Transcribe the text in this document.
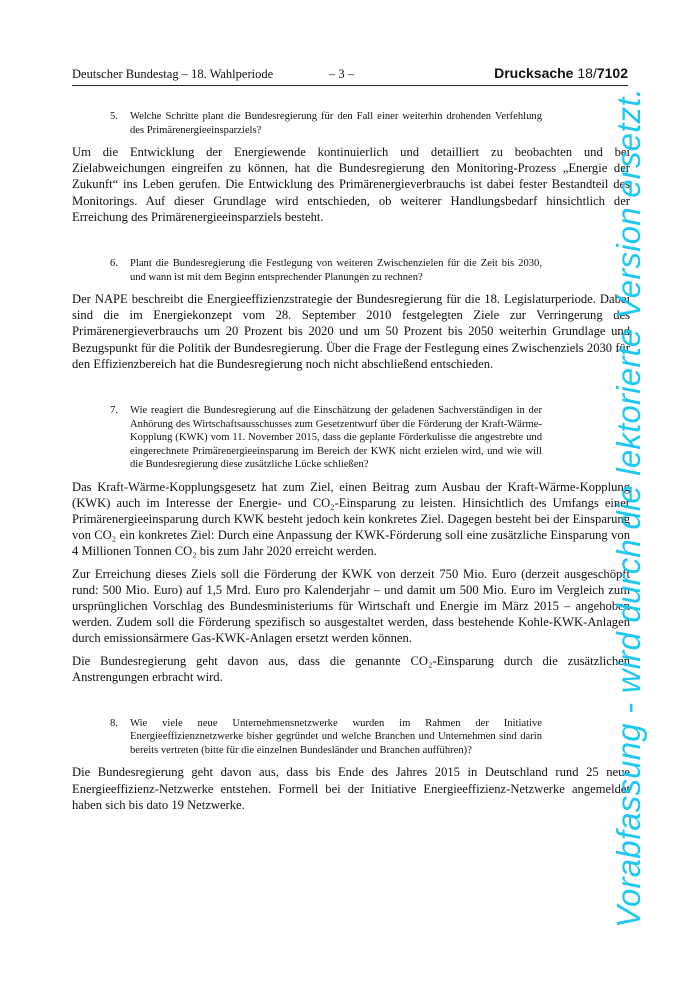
Deutscher Bundestag – 18. Wahlperiode	– 3 –	Drucksache 18/7102
5. Welche Schritte plant die Bundesregierung für den Fall einer weiterhin drohenden Verfehlung des Primärenergieeinsparziels?

Um die Entwicklung der Energiewende kontinuierlich und detailliert zu beobachten und bei Zielabweichungen eingreifen zu können, hat die Bundesregierung den Monitoring-Prozess „Energie der Zukunft“ ins Leben gerufen. Die Entwicklung des Primärenergieverbrauchs ist dabei fester Bestandteil des Monitorings. Auf dieser Grundlage wird entschieden, ob weiterer Handlungsbedarf hinsichtlich der Erreichung des Primärenergieeinsparziels besteht.

6. Plant die Bundesregierung die Festlegung von weiteren Zwischenzielen für die Zeit bis 2030, und wann ist mit dem Beginn entsprechender Planungen zu rechnen?

Der NAPE beschreibt die Energieeffizienzstrategie der Bundesregierung für die 18. Legislaturperiode. Dabei sind die im Energiekonzept vom 28. September 2010 festgelegten Ziele zur Verringerung des Primärenergieverbrauchs um 20 Prozent bis 2020 und um 50 Prozent bis 2050 weiterhin Grundlage und Bezugspunkt für die Politik der Bundesregierung. Über die Frage der Festlegung eines Zwischenziels 2030 für den Effizienzbereich hat die Bundesregierung noch nicht abschließend entschieden.

7. Wie reagiert die Bundesregierung auf die Einschätzung der geladenen Sachverständigen in der Anhörung des Wirtschaftsausschusses zum Gesetzentwurf über die Förderung der Kraft-Wärme-Kopplung (KWK) vom 11. November 2015, dass die geplante Förderkulisse die angestrebte und eingerechnete Primärenergieeinsparung im Bereich der KWK nicht erzielen wird, und wie will die Bundesregierung diese zusätzliche Lücke schließen?

Das Kraft-Wärme-Kopplungsgesetz hat zum Ziel, einen Beitrag zum Ausbau der Kraft-Wärme-Kopplung (KWK) auch im Interesse der Energie- und CO₂-Einsparung zu leisten. Hinsichtlich des Umfangs einer Primärenergieeinsparung durch KWK besteht jedoch kein konkretes Ziel. Dagegen besteht bei der Einsparung von CO₂ ein konkretes Ziel: Durch eine Anpassung der KWK-Förderung soll eine zusätzliche Einsparung von 4 Millionen Tonnen CO₂ bis zum Jahr 2020 erreicht werden.

Zur Erreichung dieses Ziels soll die Förderung der KWK von derzeit 750 Mio. Euro (derzeit ausgeschöpft rund: 500 Mio. Euro) auf 1,5 Mrd. Euro pro Kalenderjahr – und damit um 500 Mio. Euro im Vergleich zum ursprünglichen Vorschlag des Bundesministeriums für Wirtschaft und Energie im März 2015 – angehoben werden. Zudem soll die Förderung spezifisch so ausgestaltet werden, dass bestehende Kohle-KWK-Anlagen durch emissionsärmere Gas-KWK-Anlagen ersetzt werden können.

Die Bundesregierung geht davon aus, dass die genannte CO₂-Einsparung durch die zusätzlichen Anstrengungen erbracht wird.

8. Wie viele neue Unternehmensnetzwerke wurden im Rahmen der Initiative Energieeffizienznetzwerke bisher gegründet und welche Branchen und Unternehmen sind darin bereits vertreten (bitte für die einzelnen Bundesländer und Branchen aufführen)?

Die Bundesregierung geht davon aus, dass bis Ende des Jahres 2015 in Deutschland rund 25 neue Energieeffizienz-Netzwerke entstehen. Formell bei der Initiative Energieeffizienz-Netzwerke angemeldet haben sich bis dato 19 Netzwerke.	Vorabfassung - wird durch die lektorierte Version ersetzt.
